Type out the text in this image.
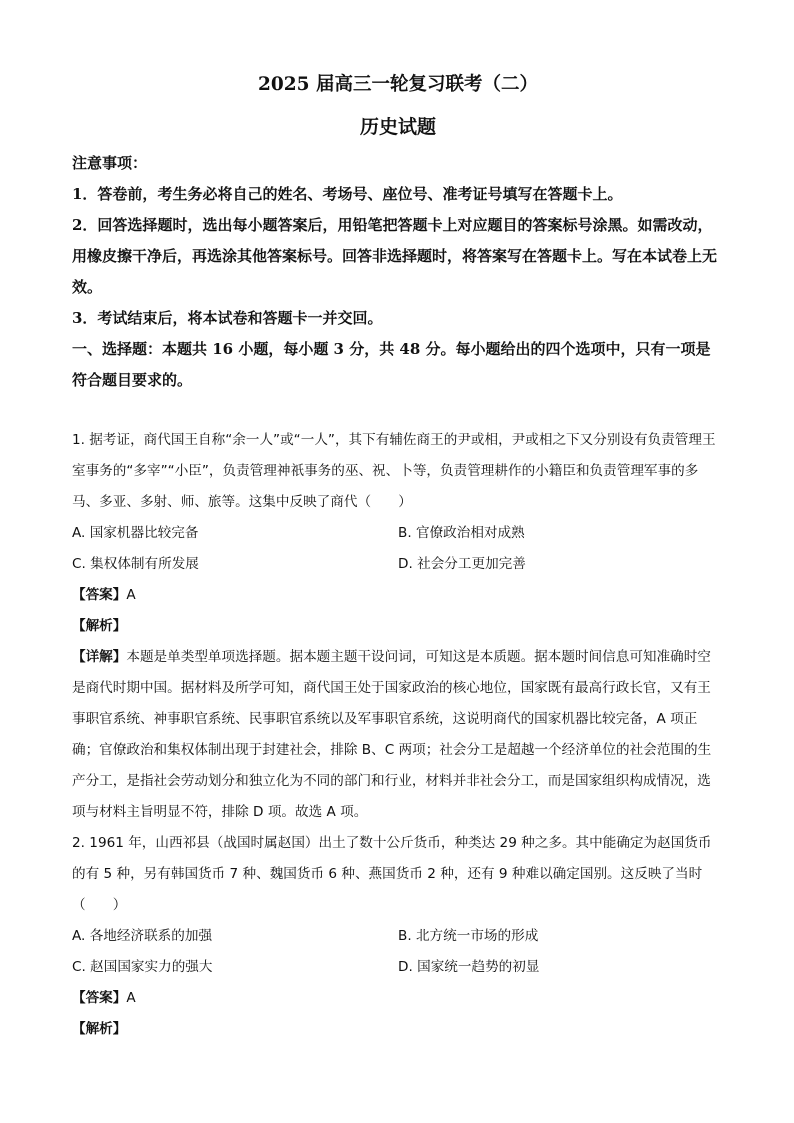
2025 届高三一轮复习联考（二）
历史试题

注意事项：

1．答卷前，考生务必将自己的姓名、考场号、座位号、准考证号填写在答题卡上。

2．回答选择题时，选出每小题答案后，用铅笔把答题卡上对应题目的答案标号涂黑。如需改动，用橡皮擦干净后，再选涂其他答案标号。回答非选择题时，将答案写在答题卡上。写在本试卷上无效。

3．考试结束后，将本试卷和答题卡一并交回。

一、选择题：本题共 16 小题，每小题 3 分，共 48 分。每小题给出的四个选项中，只有一项是符合题目要求的。

1. 据考证，商代国王自称“余一人”或“一人”，其下有辅佐商王的尹或相，尹或相之下又分别设有负责管理王室事务的“多宰”“小臣”，负责管理神祇事务的巫、祝、卜等，负责管理耕作的小籍臣和负责管理军事的多马、多亚、多射、师、旅等。这集中反映了商代（　　）

A. 国家机器比较完备	B. 官僚政治相对成熟
C. 集权体制有所发展	D. 社会分工更加完善

【答案】A

【解析】

【详解】本题是单类型单项选择题。据本题主题干设问词，可知这是本质题。据本题时间信息可知准确时空是商代时期中国。据材料及所学可知，商代国王处于国家政治的核心地位，国家既有最高行政长官，又有王事职官系统、神事职官系统、民事职官系统以及军事职官系统，这说明商代的国家机器比较完备，A 项正确；官僚政治和集权体制出现于封建社会，排除 B、C 两项；社会分工是超越一个经济单位的社会范围的生产分工，是指社会劳动划分和独立化为不同的部门和行业，材料并非社会分工，而是国家组织构成情况，选项与材料主旨明显不符，排除 D 项。故选 A 项。

2. 1961 年，山西祁县（战国时属赵国）出土了数十公斤货币，种类达 29 种之多。其中能确定为赵国货币的有 5 种，另有韩国货币 7 种、魏国货币 6 种、燕国货币 2 种，还有 9 种难以确定国别。这反映了当时（　　）

A. 各地经济联系的加强	B. 北方统一市场的形成
C. 赵国国家实力的强大	D. 国家统一趋势的初显

【答案】A

【解析】
